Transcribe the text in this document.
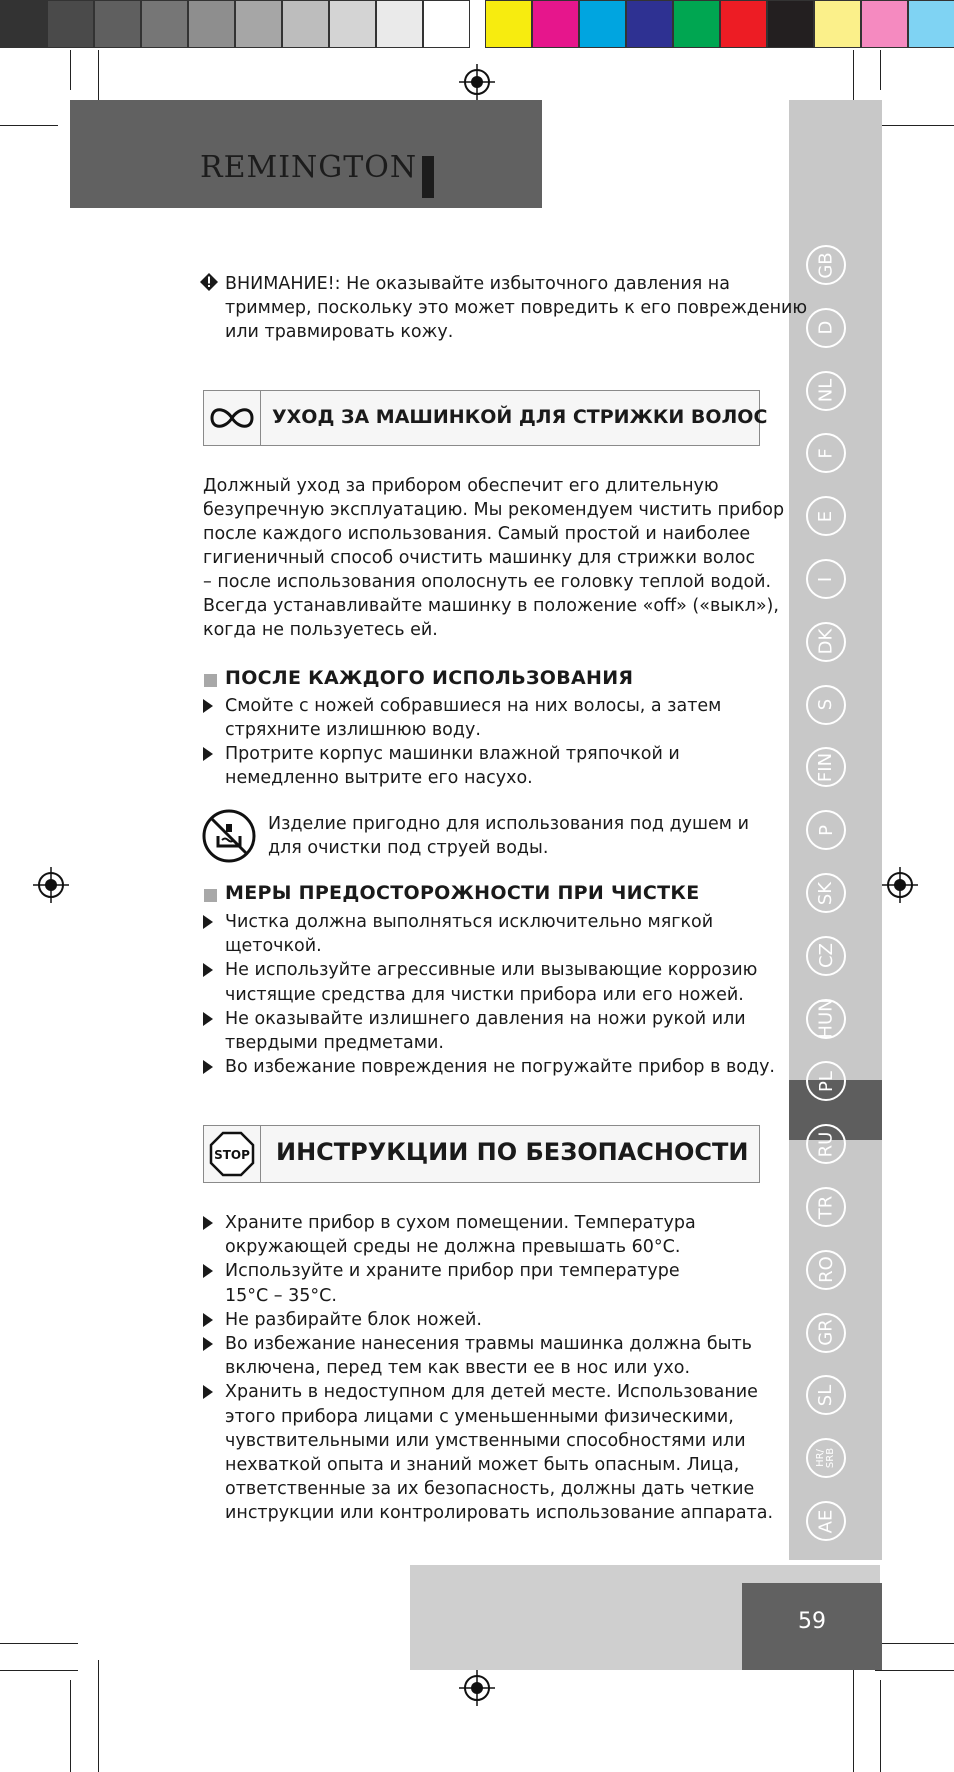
REMINGTON
GB
D
NL
F
E
I
DK
S
FIN
P
SK
CZ
HUN
PL
RU
TR
RO
GR
SL
HR/ SRB
AE
59
ВНИМАНИЕ!: Не оказывайте избыточного давления на
триммер, поскольку это может повредить к его повреждению
или травмировать кожу.
УХОД ЗА МАШИНКОЙ ДЛЯ СТРИЖКИ ВОЛОС
Должный уход за прибором обеспечит его длительную
безупречную эксплуатацию. Мы рекомендуем чистить прибор
после каждого использования. Самый простой и наиболее
гигиеничный способ очистить машинку для стрижки волос
– после использования ополоснуть ее головку теплой водой.
Всегда устанавливайте машинку в положение «off» («выкл»),
когда не пользуетесь ей.
ПОСЛЕ КАЖДОГО ИСПОЛЬЗОВАНИЯ
Смойте с ножей собравшиеся на них волосы, а затем
стряхните излишнюю воду.
Протрите корпус машинки влажной тряпочкой и
немедленно вытрите его насухо.
Изделие пригодно для использования под душем и
для очистки под струей воды.
МЕРЫ ПРЕДОСТОРОЖНОСТИ ПРИ ЧИСТКЕ
Чистка должна выполняться исключительно мягкой
щеточкой.
Не используйте агрессивные или вызывающие коррозию
чистящие средства для чистки прибора или его ножей.
Не оказывайте излишнего давления на ножи рукой или
твердыми предметами.
Во избежание повреждения не погружайте прибор в воду.
STOP ИНСТРУКЦИИ ПО БЕЗОПАСНОСТИ
Храните прибор в сухом помещении. Температура
окружающей среды не должна превышать 60°C.
Используйте и храните прибор при температуре
15°C – 35°C.
Не разбирайте блок ножей.
Во избежание нанесения травмы машинка должна быть
включена, перед тем как ввести ее в нос или ухо.
Хранить в недоступном для детей месте. Использование
этого прибора лицами с уменьшенными физическими,
чувствительными или умственными способностями или
нехваткой опыта и знаний может быть опасным. Лица,
ответственные за их безопасность, должны дать четкие
инструкции или контролировать использование аппарата.
